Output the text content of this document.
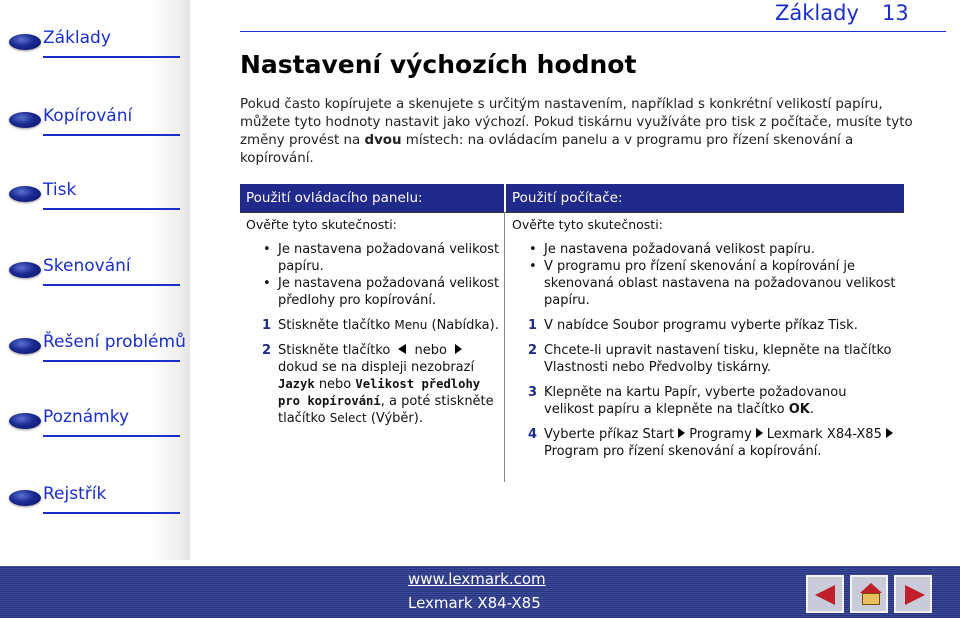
Základy
Kopírování
Tisk
Skenování
Řešení problémů
Poznámky
Rejstřík
Základy 13
Nastavení výchozích hodnot
Pokud často kopírujete a skenujete s určitým nastavením, například s konkrétní velikostí papíru, můžete tyto hodnoty nastavit jako výchozí. Pokud tiskárnu využíváte pro tisk z počítače, musíte tyto změny provést na dvou místech: na ovládacím panelu a v programu pro řízení skenování a kopírování.
Použití ovládacího panelu:	Použití počítače:
Ověřte tyto skutečnosti:
• Je nastavena požadovaná velikost papíru.
• Je nastavena požadovaná velikost předlohy pro kopírování.
1 Stiskněte tlačítko Menu (Nabídka).
2 Stiskněte tlačítko  nebo  dokud se na displeji nezobrazí Jazyk nebo Velikost předlohy pro kopírování, a poté stiskněte tlačítko Select (Výběr).
Ověřte tyto skutečnosti:
• Je nastavena požadovaná velikost papíru.
• V programu pro řízení skenování a kopírování je skenovaná oblast nastavena na požadovanou velikost papíru.
1 V nabídce Soubor programu vyberte příkaz Tisk.
2 Chcete-li upravit nastavení tisku, klepněte na tlačítko Vlastnosti nebo Předvolby tiskárny.
3 Klepněte na kartu Papír, vyberte požadovanou velikost papíru a klepněte na tlačítko OK.
4 Vyberte příkaz Start Programy Lexmark X84-X85Program pro řízení skenování a kopírování.
www.lexmark.com
Lexmark X84-X85
